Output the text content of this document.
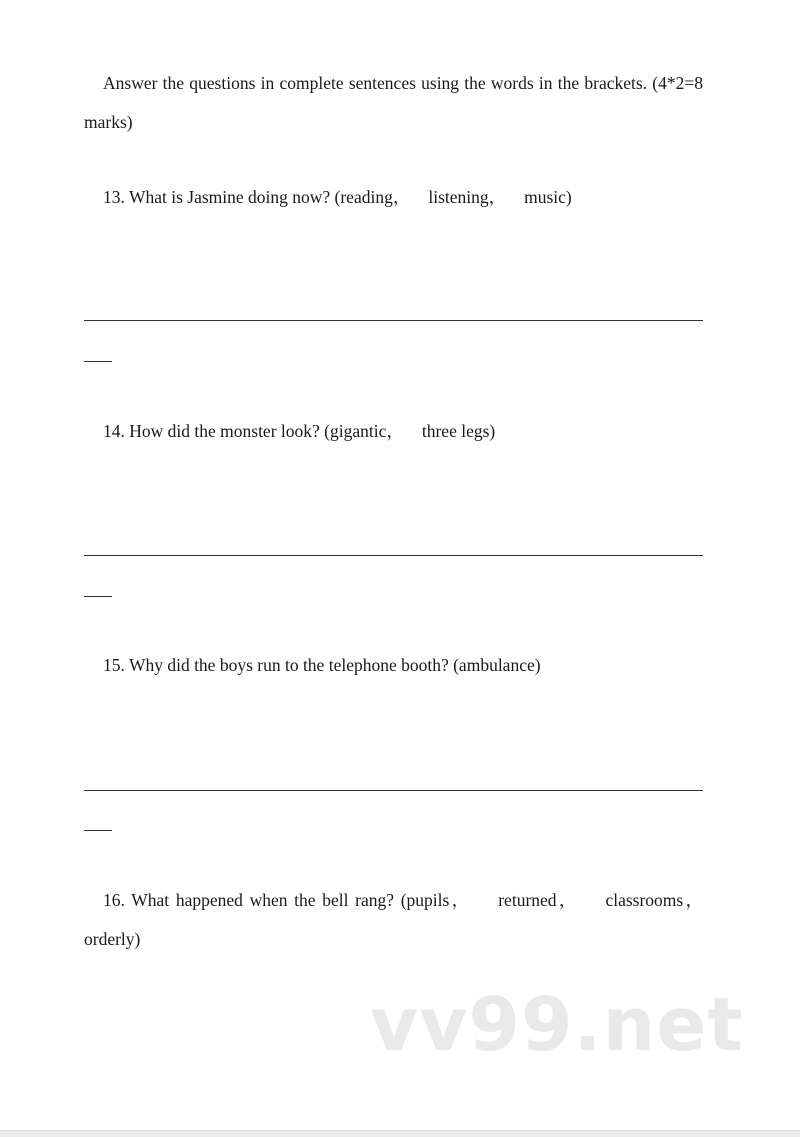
Answer the questions in complete sentences using the words in the brackets. (4*2=8 marks)

13. What is Jasmine doing now? (reading， listening， music)

14. How did the monster look? (gigantic， three legs)

15. Why did the boys run to the telephone booth? (ambulance)

16. What happened when the bell rang? (pupils， returned， classrooms， orderly)

vv99.net
